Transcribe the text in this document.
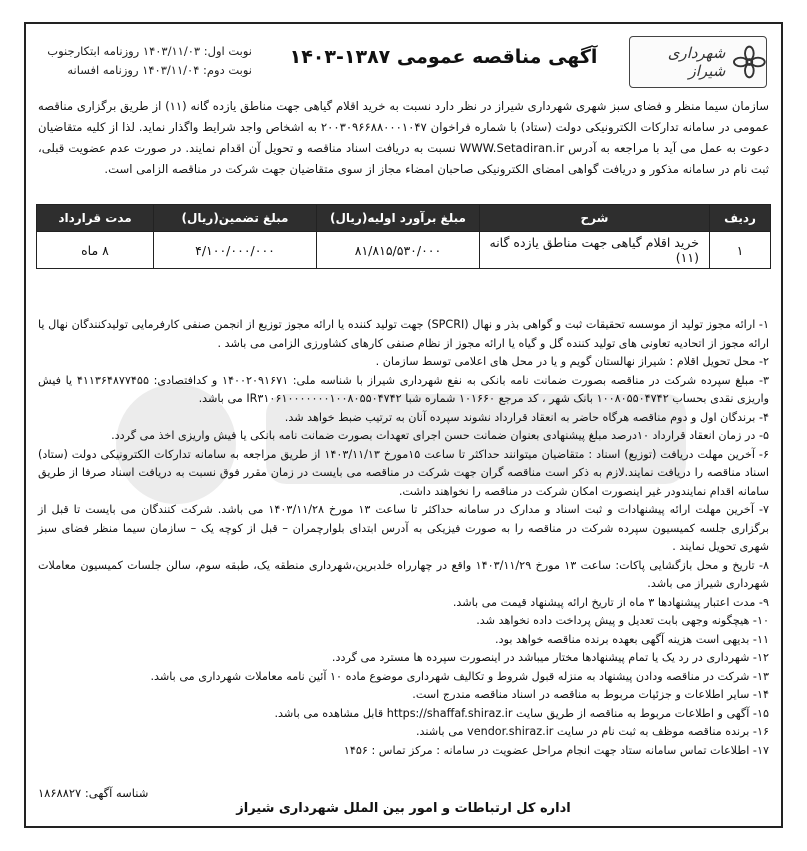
شهرداری شیراز
آگهی مناقصه عمومی ۱۳۸۷-۱۴۰۳
نوبت اول: ۱۴۰۳/۱۱/۰۳ روزنامه ابتکارجنوب
نوبت دوم: ۱۴۰۳/۱۱/۰۴ روزنامه افسانه
سازمان سیما منظر و فضای سبز شهری شهرداری شیراز در نظر دارد نسبت به خرید اقلام گیاهی جهت مناطق یازده گانه (۱۱) از طریق برگزاری مناقصه عمومی در سامانه تدارکات الکترونیکی دولت (ستاد) با شماره فراخوان ۲۰۰۳۰۹۶۶۸۸۰۰۰۱۰۴۷ به اشخاص واجد شرایط واگذار نماید. لذا از کلیه متقاضیان دعوت به عمل می آید با مراجعه به آدرس WWW.Setadiran.ir نسبت به دریافت اسناد مناقصه و تحویل آن اقدام نمایند. در صورت عدم عضویت قبلی، ثبت نام در سامانه مذکور و دریافت گواهی امضای الکترونیکی صاحبان امضاء مجاز از سوی متقاضیان جهت شرکت در مناقصه الزامی است.
ردیف	شرح	مبلغ برآورد اولیه(ریال)	مبلغ تضمین(ریال)	مدت قرارداد
۱	خرید اقلام گیاهی جهت مناطق یازده گانه (۱۱)	۸۱/۸۱۵/۵۳۰/۰۰۰	۴/۱۰۰/۰۰۰/۰۰۰	۸ ماه

۱- ارائه مجوز تولید از موسسه تحقیقات ثبت و گواهی بذر و نهال (SPCRI) جهت تولید کننده یا ارائه مجوز توزیع از انجمن صنفی کارفرمایی تولیدکنندگان نهال یا ارائه مجوز از اتحادیه تعاونی های تولید کننده گل و گیاه یا ارائه مجوز از نظام صنفی کارهای کشاورزی الزامی می باشد .

۲- محل تحویل اقلام : شیراز نهالستان گویم و یا در محل های اعلامی توسط سازمان .

۳- مبلغ سپرده شرکت در مناقصه بصورت ضمانت نامه بانکی به نفع شهرداری شیراز با شناسه ملی: ۱۴۰۰۲۰۹۱۶۷۱ و کدافتصادی: ۴۱۱۳۶۴۸۷۷۴۵۵ یا فیش واریزی نقدی بحساب ۱۰۰۸۰۵۵۰۴۷۴۲ بانک شهر ، کد مرجع ۱۰۱۶۶۰ شماره شبا IR۳۱۰۶۱۰۰۰۰۰۰۰۱۰۰۸۰۵۵۰۴۷۴۲ می باشد.

۴- برندگان اول و دوم مناقصه هرگاه حاضر به انعقاد قرارداد نشوند سپرده آنان به ترتیب ضبط خواهد شد.

۵- در زمان انعقاد قرارداد ۱۰درصد مبلغ پیشنهادی بعنوان ضمانت حسن اجرای تعهدات بصورت ضمانت نامه بانکی یا فیش واریزی اخذ می گردد.

۶- آخرین مهلت دریافت (توزیع) اسناد : متقاضیان میتوانند حداکثر تا ساعت ۱۵مورخ ۱۴۰۳/۱۱/۱۳ از طریق مراجعه به سامانه تدارکات الکترونیکی دولت (ستاد) اسناد مناقصه را دریافت نمایند.لازم به ذکر است مناقصه گران جهت شرکت در مناقصه می بایست در زمان مقرر فوق نسبت به دریافت اسناد صرفا از طریق سامانه اقدام نمایندودر غیر اینصورت امکان شرکت در مناقصه را نخواهند داشت.

۷- آخرین مهلت ارائه پیشنهادات و ثبت اسناد و مدارک در سامانه حداکثر تا ساعت ۱۳ مورخ ۱۴۰۳/۱۱/۲۸ می باشد. شرکت کنندگان می بایست تا قبل از برگزاری جلسه کمیسیون سپرده شرکت در مناقصه را به صورت فیزیکی به آدرس ابتدای بلوارچمران – قبل از کوچه یک – سازمان سیما منظر فضای سبز شهری تحویل نمایند .

۸- تاریخ و محل بازگشایی پاکات: ساعت ۱۳ مورخ ۱۴۰۳/۱۱/۲۹ واقع در چهارراه خلدبرین،شهرداری منطقه یک، طبقه سوم، سالن جلسات کمیسیون معاملات شهرداری شیراز می باشد.

۹- مدت اعتبار پیشنهادها ۳ ماه از تاریخ ارائه پیشنهاد قیمت می باشد.

۱۰- هیچگونه وجهی بابت تعدیل و پیش پرداخت داده نخواهد شد.

۱۱- بدیهی است هزینه آگهی بعهده برنده مناقصه خواهد بود.

۱۲- شهرداری در رد یک یا تمام پیشنهادها مختار میباشد در اینصورت سپرده ها مسترد می گردد.

۱۳- شرکت در مناقصه ودادن پیشنهاد به منزله قبول شروط و تکالیف شهرداری موضوع ماده ۱۰ آئین نامه معاملات شهرداری می باشد.

۱۴- سایر اطلاعات و جزئیات مربوط به مناقصه در اسناد مناقصه مندرج است.

۱۵- آگهی و اطلاعات مربوط به مناقصه از طریق سایت https://shaffaf.shiraz.ir قابل مشاهده می باشد.

۱۶- برنده مناقصه موظف به ثبت نام در سایت vendor.shiraz.ir می باشند.

۱۷- اطلاعات تماس سامانه ستاد جهت انجام مراحل عضویت در سامانه : مرکز تماس : ۱۴۵۶

شناسه آگهی: ۱۸۶۸۸۲۷
اداره کل ارتباطات و امور بین الملل شهرداری شیراز
